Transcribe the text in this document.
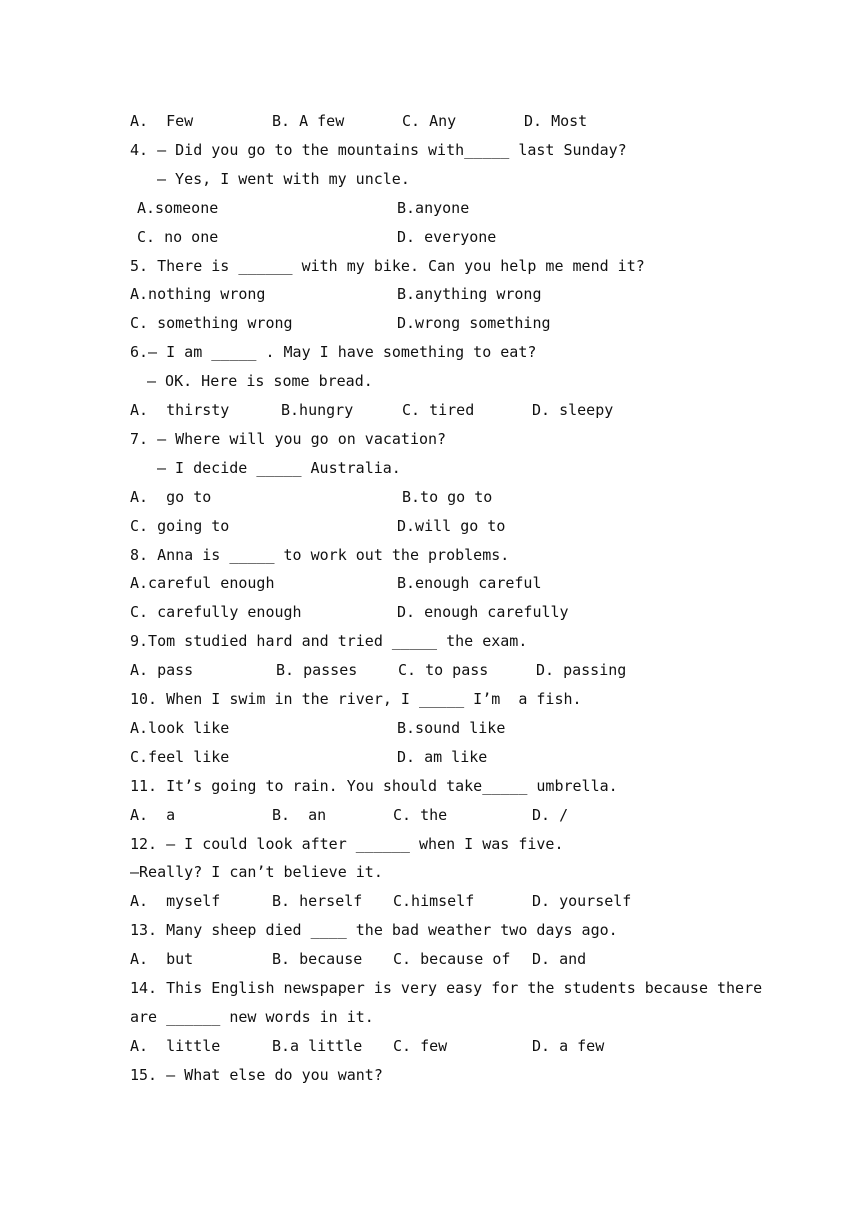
A.  Few	B. A few	C. Any	D. Most
4. — Did you go to the mountains with_____ last Sunday?
— Yes, I went with my uncle.
A.someone	B.anyone
C. no one	D. everyone
5. There is ______ with my bike. Can you help me mend it?
A.nothing wrong	B.anything wrong
C. something wrong	D.wrong something
6.— I am _____ . May I have something to eat?
— OK. Here is some bread.
A.  thirsty	B.hungry	C. tired	D. sleepy
7. — Where will you go on vacation?
— I decide _____ Australia.
A.  go to	B.to go to
C. going to	D.will go to
8. Anna is _____ to work out the problems.
A.careful enough	B.enough careful
C. carefully enough	D. enough carefully
9.Tom studied hard and tried _____ the exam.
A. pass	B. passes	C. to pass	D. passing
10. When I swim in the river, I _____ I’m  a fish.
A.look like	B.sound like
C.feel like	D. am like
11. It’s going to rain. You should take_____ umbrella.
A.  a	B.  an	C. the	D. /
12. — I could look after ______ when I was five.
—Really? I can’t believe it.
A.  myself	B. herself C.himself	D. yourself
13. Many sheep died ____ the bad weather two days ago.
A.  but	B. because C. because of D. and
14. This English newspaper is very easy for the students because there
are ______ new words in it.
A.  little	B.a little C. few	D. a few
15. — What else do you want?
